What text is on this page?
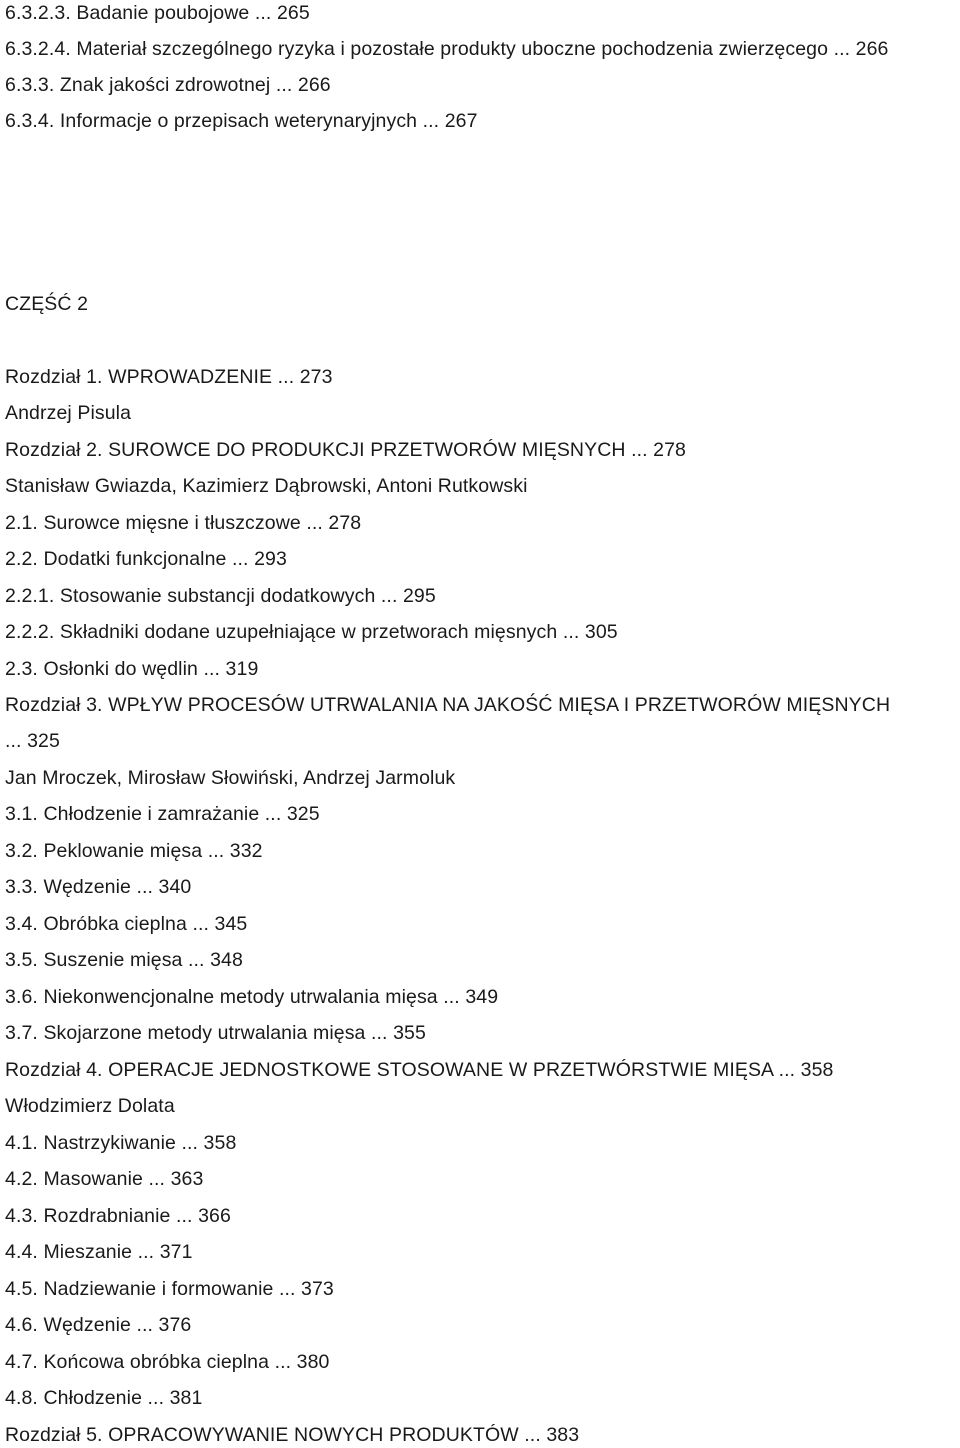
6.3.2.3. Badanie poubojowe ... 265
6.3.2.4. Materiał szczególnego ryzyka i pozostałe produkty uboczne pochodzenia zwierzęcego ... 266
6.3.3. Znak jakości zdrowotnej ... 266
6.3.4. Informacje o przepisach weterynaryjnych ... 267
CZĘŚĆ 2
Rozdział 1. WPROWADZENIE ... 273
Andrzej Pisula
Rozdział 2. SUROWCE DO PRODUKCJI PRZETWORÓW MIĘSNYCH ... 278
Stanisław Gwiazda, Kazimierz Dąbrowski, Antoni Rutkowski
2.1. Surowce mięsne i tłuszczowe ... 278
2.2. Dodatki funkcjonalne ... 293
2.2.1. Stosowanie substancji dodatkowych ... 295
2.2.2. Składniki dodane uzupełniające w przetworach mięsnych ... 305
2.3. Osłonki do wędlin ... 319
Rozdział 3. WPŁYW PROCESÓW UTRWALANIA NA JAKOŚĆ MIĘSA I PRZETWORÓW MIĘSNYCH
... 325
Jan Mroczek, Mirosław Słowiński, Andrzej Jarmoluk
3.1. Chłodzenie i zamrażanie ... 325
3.2. Peklowanie mięsa ... 332
3.3. Wędzenie ... 340
3.4. Obróbka cieplna ... 345
3.5. Suszenie mięsa ... 348
3.6. Niekonwencjonalne metody utrwalania mięsa ... 349
3.7. Skojarzone metody utrwalania mięsa ... 355
Rozdział 4. OPERACJE JEDNOSTKOWE STOSOWANE W PRZETWÓRSTWIE MIĘSA ... 358
Włodzimierz Dolata
4.1. Nastrzykiwanie ... 358
4.2. Masowanie ... 363
4.3. Rozdrabnianie ... 366
4.4. Mieszanie ... 371
4.5. Nadziewanie i formowanie ... 373
4.6. Wędzenie ... 376
4.7. Końcowa obróbka cieplna ... 380
4.8. Chłodzenie ... 381
Rozdział 5. OPRACOWYWANIE NOWYCH PRODUKTÓW ... 383
